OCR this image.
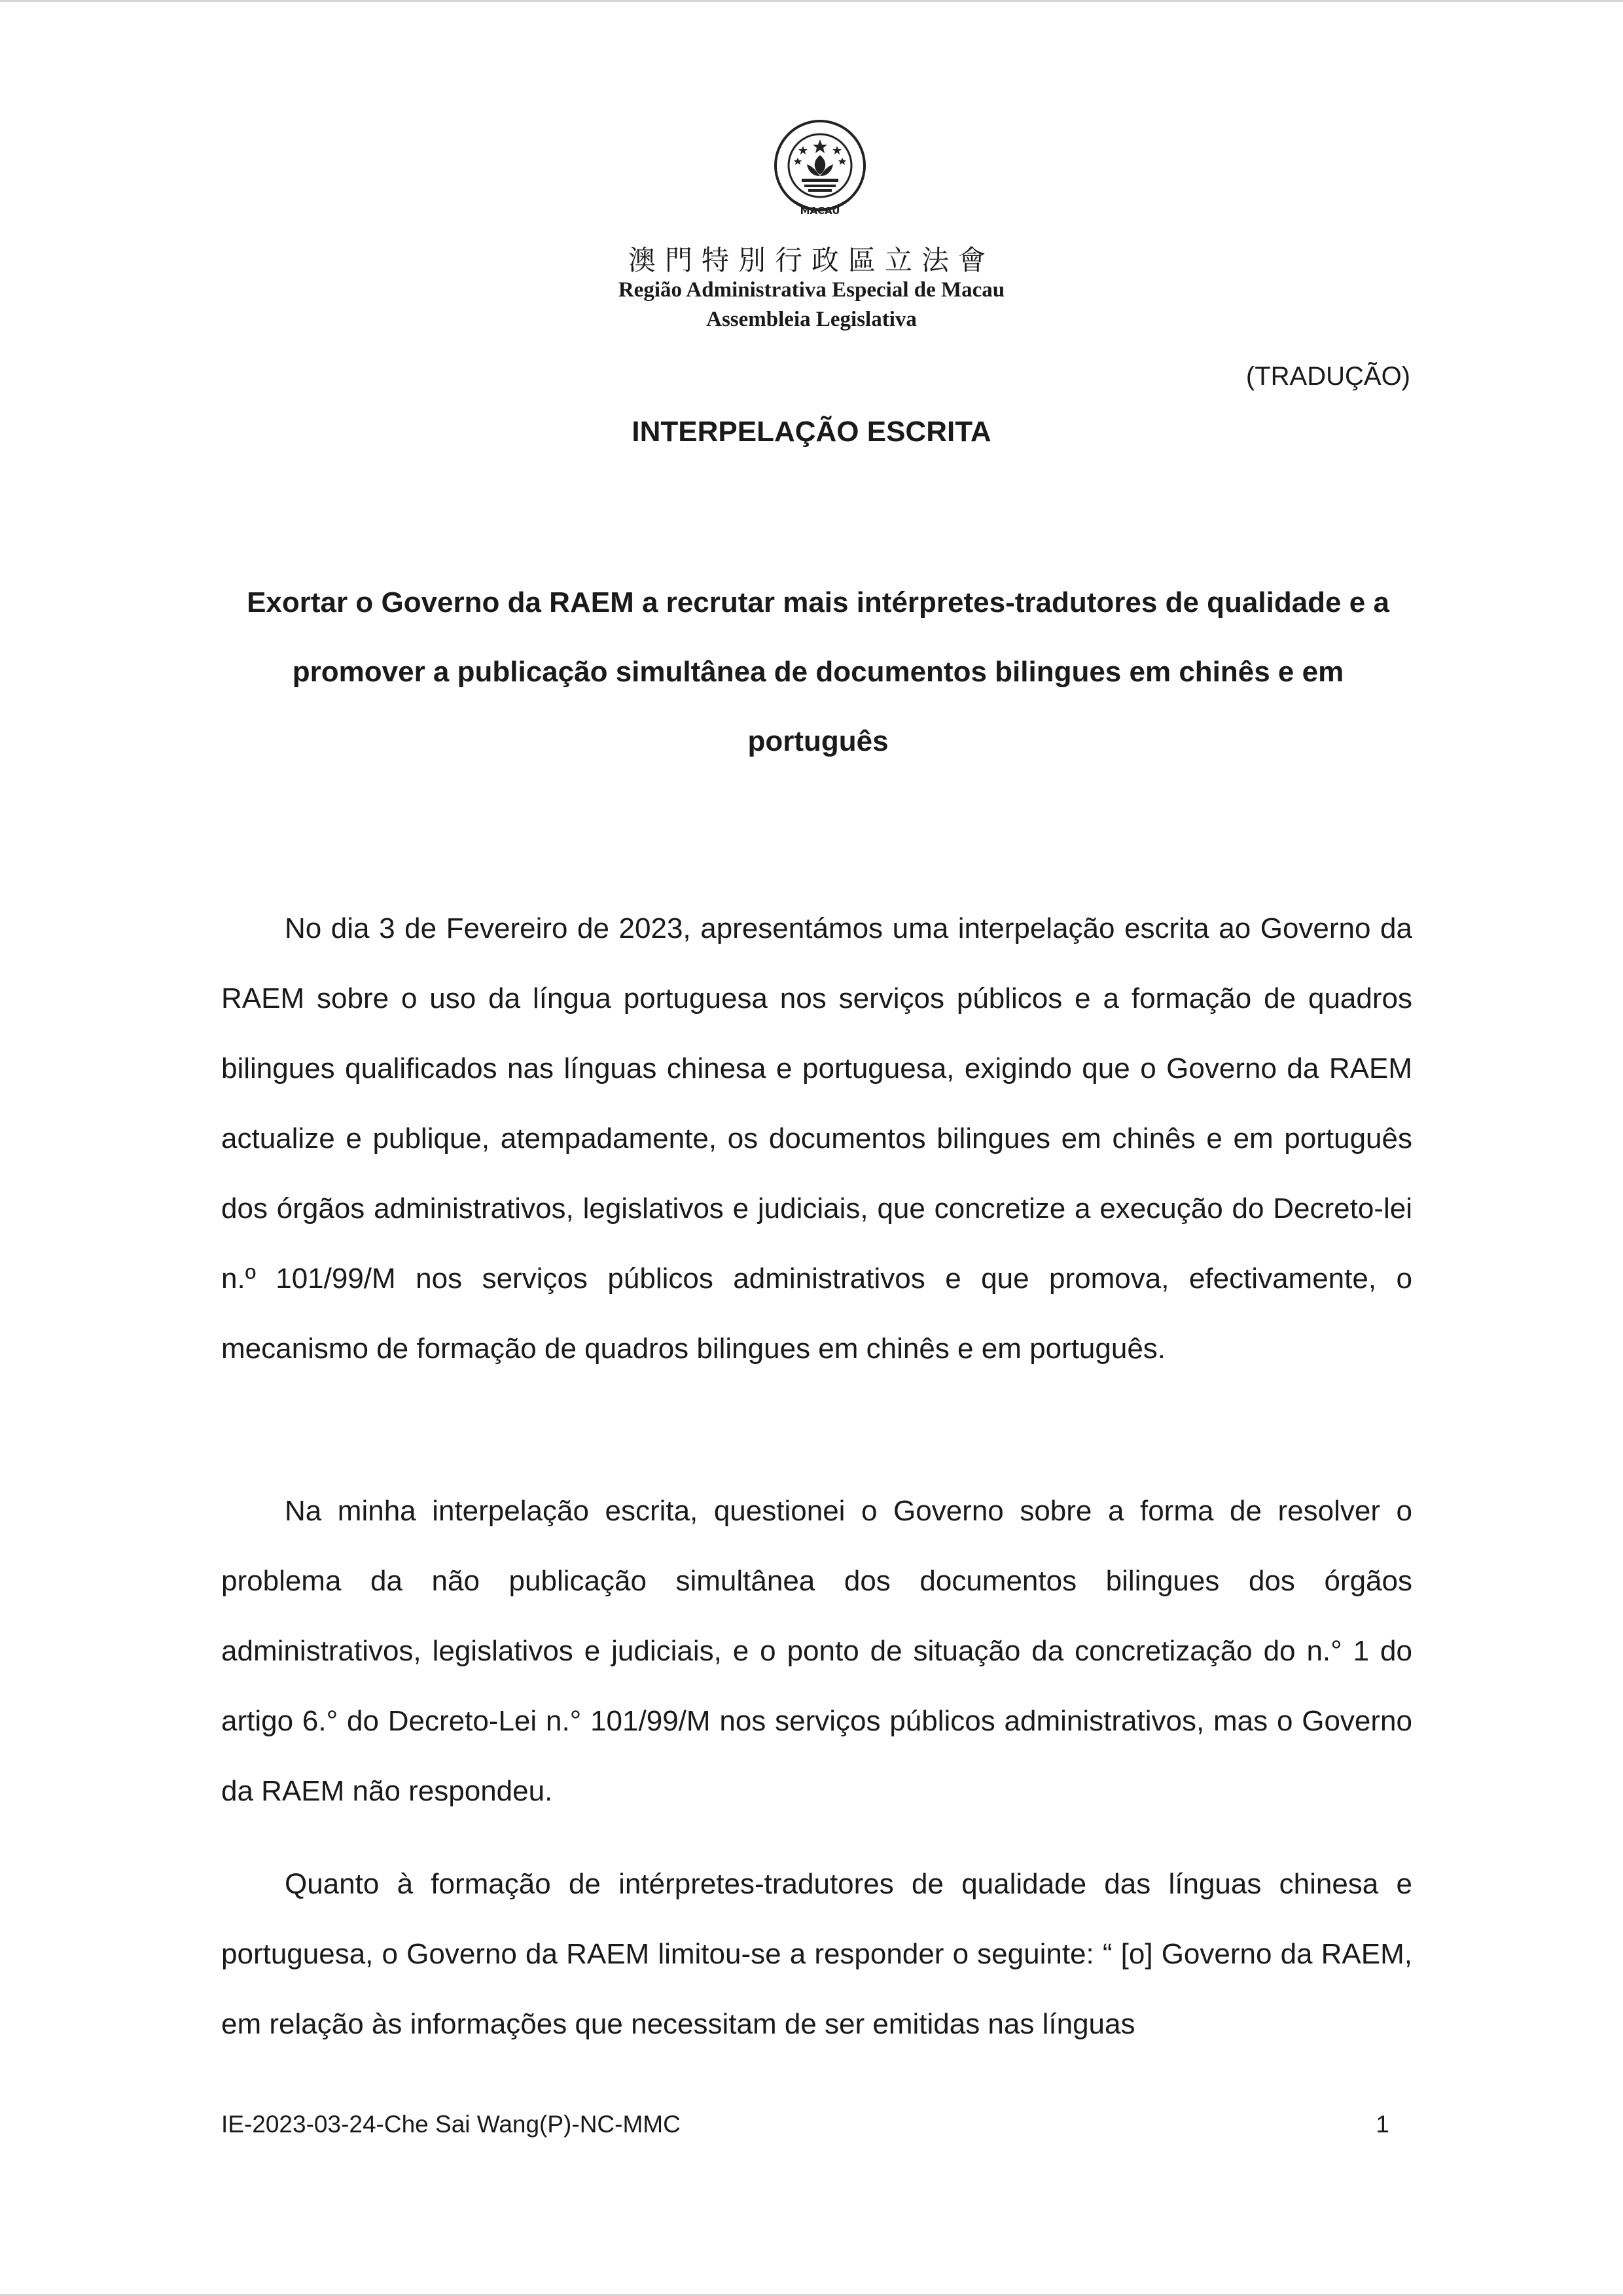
MACAU
澳門特別行政區立法會
Região Administrativa Especial de Macau
Assembleia Legislativa
(TRADUÇÃO)
INTERPELAÇÃO ESCRITA

Exortar o Governo da RAEM a recrutar mais intérpretes-tradutores de qualidade e a promover a publicação simultânea de documentos bilingues em chinês e em português

No dia 3 de Fevereiro de 2023, apresentámos uma interpelação escrita ao Governo da RAEM sobre o uso da língua portuguesa nos serviços públicos e a formação de quadros bilingues qualificados nas línguas chinesa e portuguesa, exigindo que o Governo da RAEM actualize e publique, atempadamente, os documentos bilingues em chinês e em português dos órgãos administrativos, legislativos e judiciais, que concretize a execução do Decreto-lei n.º 101/99/M nos serviços públicos administrativos e que promova, efectivamente, o mecanismo de formação de quadros bilingues em chinês e em português.

Na minha interpelação escrita, questionei o Governo sobre a forma de resolver o problema da não publicação simultânea dos documentos bilingues dos órgãos administrativos, legislativos e judiciais, e o ponto de situação da concretização do n.° 1 do artigo 6.° do Decreto-Lei n.° 101/99/M nos serviços públicos administrativos, mas o Governo da RAEM não respondeu.

Quanto à formação de intérpretes-tradutores de qualidade das línguas chinesa e portuguesa, o Governo da RAEM limitou-se a responder o seguinte: “ [o] Governo da RAEM, em relação às informações que necessitam de ser emitidas nas línguas

IE-2023-03-24-Che Sai Wang(P)-NC-MMC	1
